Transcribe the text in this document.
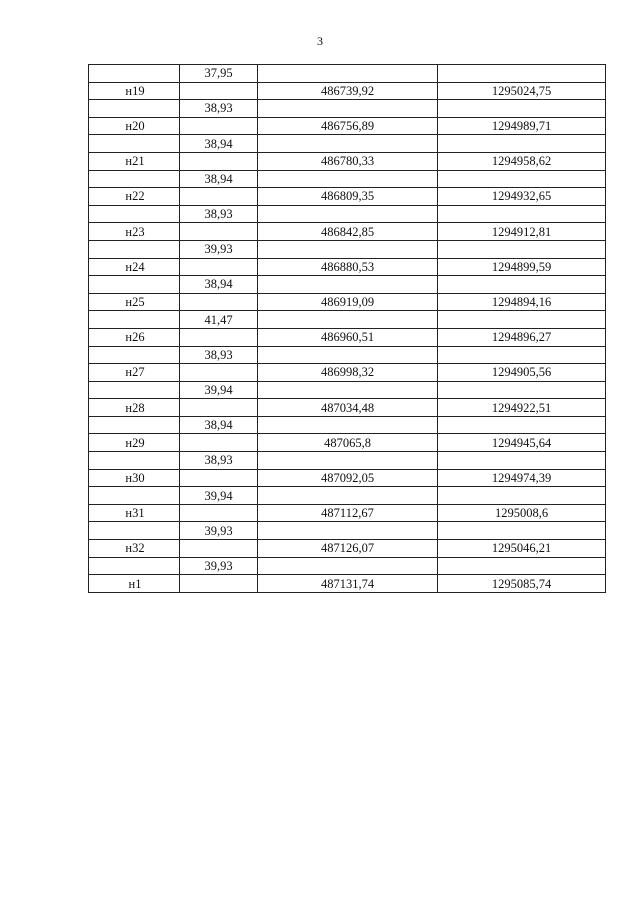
3
	37,95		
н19		486739,92	1295024,75
	38,93		
н20		486756,89	1294989,71
	38,94		
н21		486780,33	1294958,62
	38,94		
н22		486809,35	1294932,65
	38,93		
н23		486842,85	1294912,81
	39,93		
н24		486880,53	1294899,59
	38,94		
н25		486919,09	1294894,16
	41,47		
н26		486960,51	1294896,27
	38,93		
н27		486998,32	1294905,56
	39,94		
н28		487034,48	1294922,51
	38,94		
н29		487065,8	1294945,64
	38,93		
н30		487092,05	1294974,39
	39,94		
н31		487112,67	1295008,6
	39,93		
н32		487126,07	1295046,21
	39,93		
н1		487131,74	1295085,74
